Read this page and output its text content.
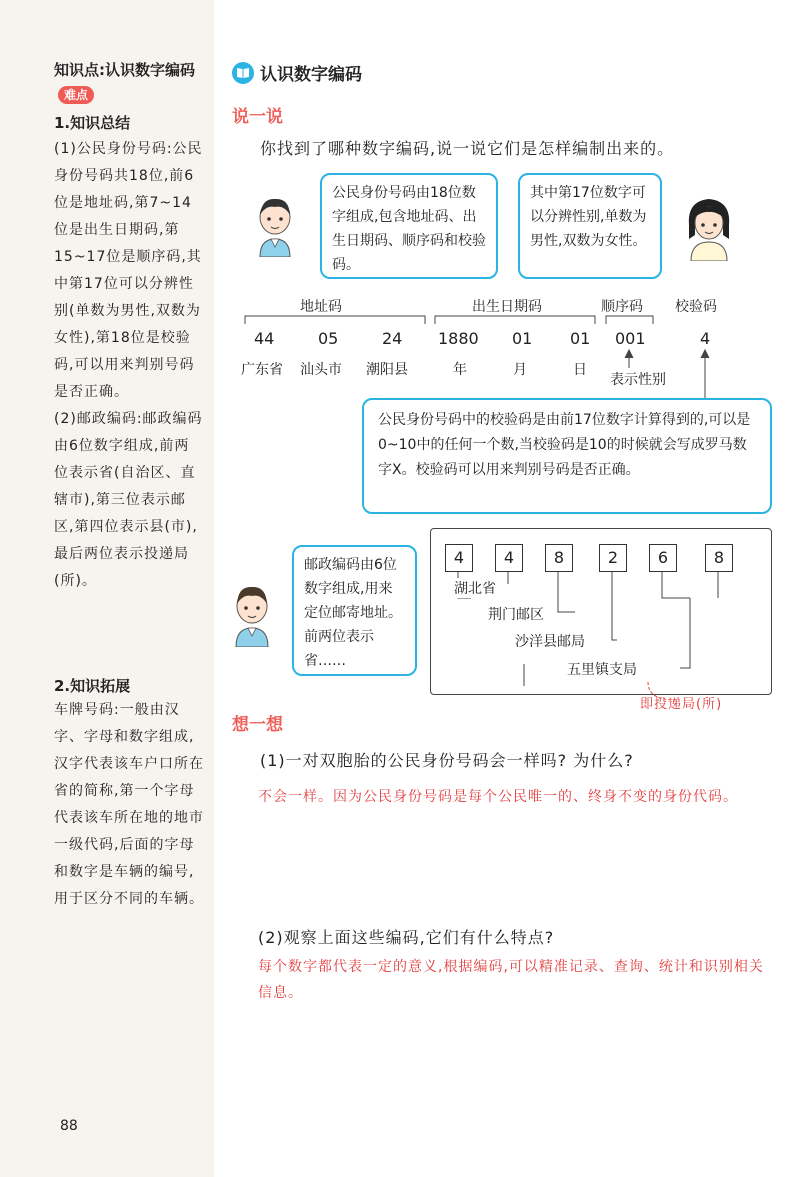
知识点:认识数字编码难点
1.知识总结

(1)公民身份号码:公民身份号码共18位,前6位是地址码,第7~14位是出生日期码,第15~17位是顺序码,其中第17位可以分辨性别(单数为男性,双数为女性),第18位是校验码,可以用来判别号码是否正确。

(2)邮政编码:邮政编码由6位数字组成,前两位表示省(自治区、直辖市),第三位表示邮区,第四位表示县(市),最后两位表示投递局(所)。

2.知识拓展

车牌号码:一般由汉字、字母和数字组成,汉字代表该车户口所在省的简称,第一个字母代表该车所在地的地市一级代码,后面的字母和数字是车辆的编号,用于区分不同的车辆。

88
认识数字编码
说一说
你找到了哪种数字编码,说一说它们是怎样编制出来的。

公民身份号码由18位数字组成,包含地址码、出生日期码、顺序码和校验码。

其中第17位数字可以分辨性别,单数为男性,双数为女性。

地址码	出生日期码	顺序码 校验码
44	05	24 1880 01 01 001	4
广东省 汕头市 潮阳县	年	月	日
表示性别

公民身份号码中的校验码是由前17位数字计算得到的,可以是0~10中的任何一个数,当校验码是10的时候就会写成罗马数字X。校验码可以用来判别号码是否正确。

邮政编码由6位数字组成,用来定位邮寄地址。前两位表示省……

4	4	8	2	6	8
湖北省
荆门邮区
沙洋县邮局
五里镇支局
即投递局(所)
想一想
(1)一对双胞胎的公民身份号码会一样吗? 为什么?
不会一样。因为公民身份号码是每个公民唯一的、终身不变的身份代码。
(2)观察上面这些编码,它们有什么特点?
每个数字都代表一定的意义,根据编码,可以精准记录、查询、统计和识别相关信息。
